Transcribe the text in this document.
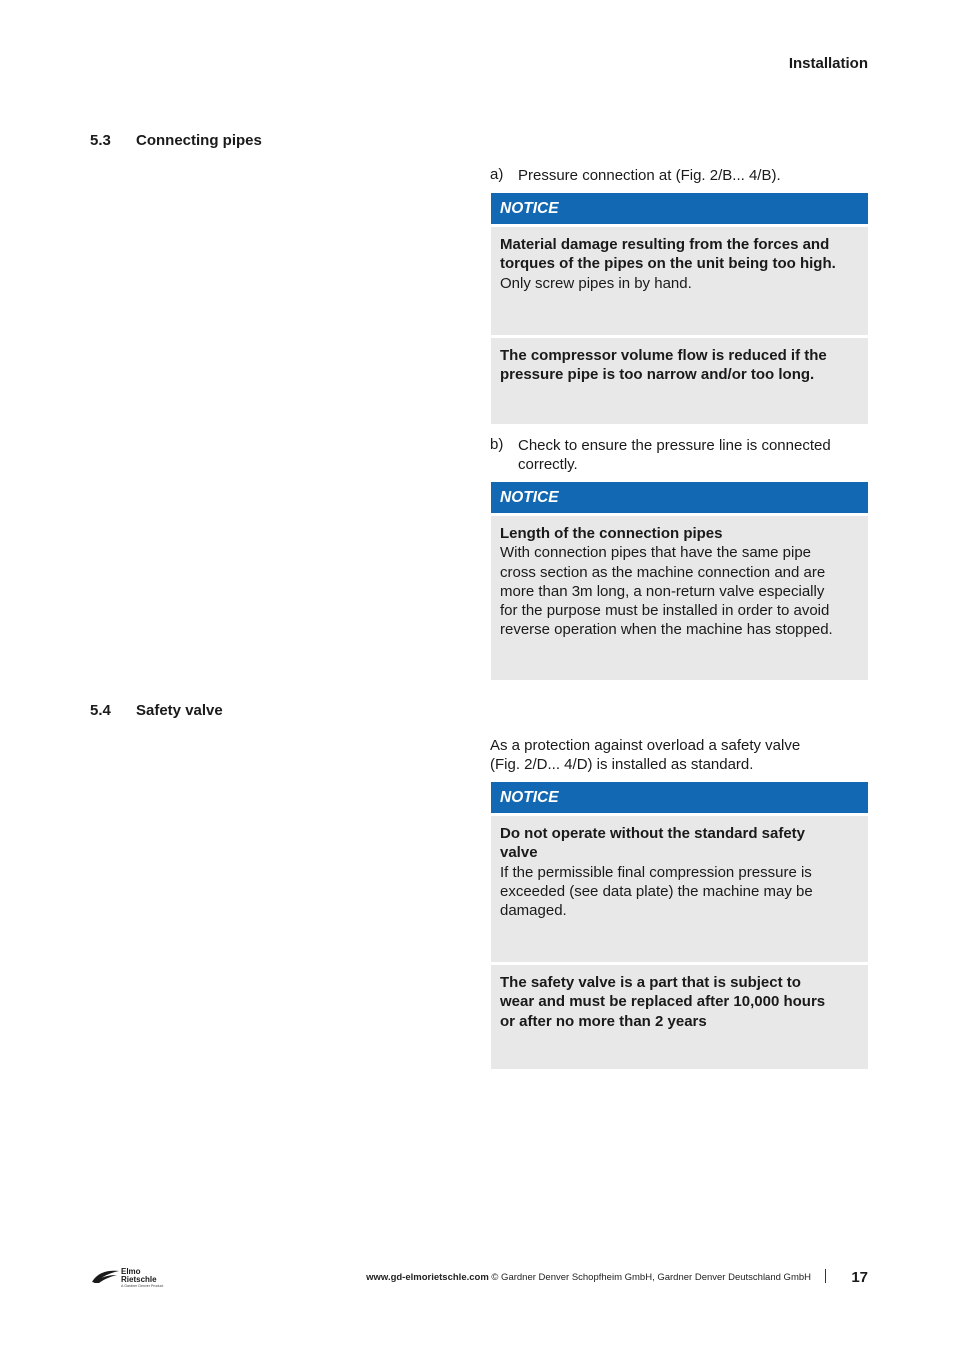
Installation
5.3 Connecting pipes
a) Pressure connection at (Fig. 2/B... 4/B).
NOTICE
Material damage resulting from the forces and
torques of the pipes on the unit being too high.
Only screw pipes in by hand.
The compressor volume flow is reduced if the
pressure pipe is too narrow and/or too long.
b) Check to ensure the pressure line is connected
correctly.
NOTICE
Length of the connection pipes
With connection pipes that have the same pipe
cross section as the machine connection and are
more than 3m long, a non-return valve especially
for the purpose must be installed in order to avoid
reverse operation when the machine has stopped.
5.4 Safety valve
As a protection against overload a safety valve
(Fig. 2/D... 4/D) is installed as standard.
NOTICE
Do not operate without the standard safety
valve
If the permissible final compression pressure is
exceeded (see data plate) the machine may be
damaged.
The safety valve is a part that is subject to
wear and must be replaced after 10,000 hours
or after no more than 2 years
Elmo
Rietschle
A Gardner Denver Product
www.gd-elmorietschle.com © Gardner Denver Schopfheim GmbH, Gardner Denver Deutschland GmbH	17
